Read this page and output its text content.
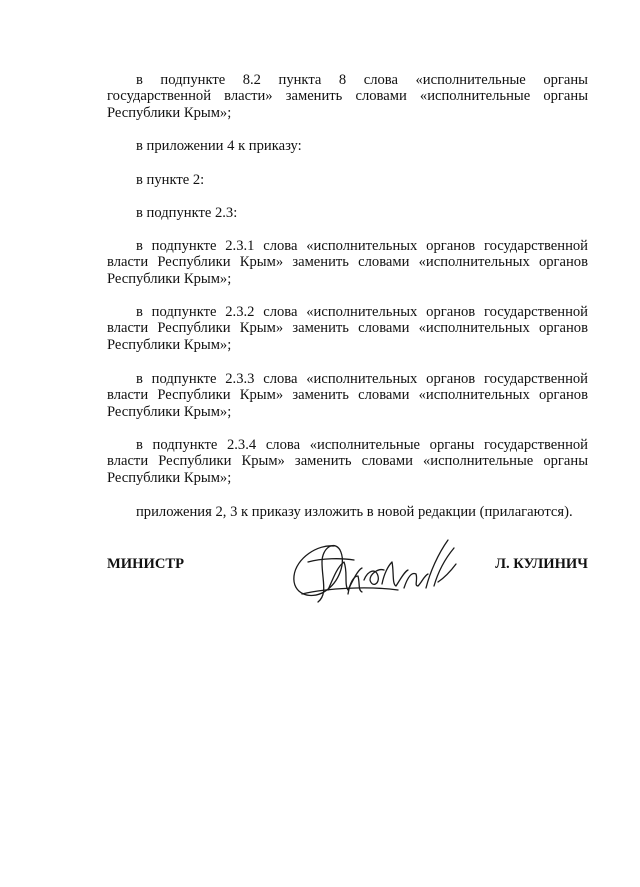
в подпункте 8.2 пункта 8 слова «исполнительные органы государственной власти» заменить словами «исполнительные органы Республики Крым»;
в приложении 4 к приказу:
в пункте 2:
в подпункте 2.3:
в подпункте 2.3.1 слова «исполнительных органов государственной власти Республики Крым» заменить словами «исполнительных органов Республики Крым»;
в подпункте 2.3.2 слова «исполнительных органов государственной власти Республики Крым» заменить словами «исполнительных органов Республики Крым»;
в подпункте 2.3.3 слова «исполнительных органов государственной власти Республики Крым» заменить словами «исполнительных органов Республики Крым»;
в подпункте 2.3.4 слова «исполнительные органы государственной власти Республики Крым» заменить словами «исполнительные органы Республики Крым»;
приложения 2, 3 к приказу изложить в новой редакции (прилагаются).
МИНИСТР	Л. КУЛИНИЧ
